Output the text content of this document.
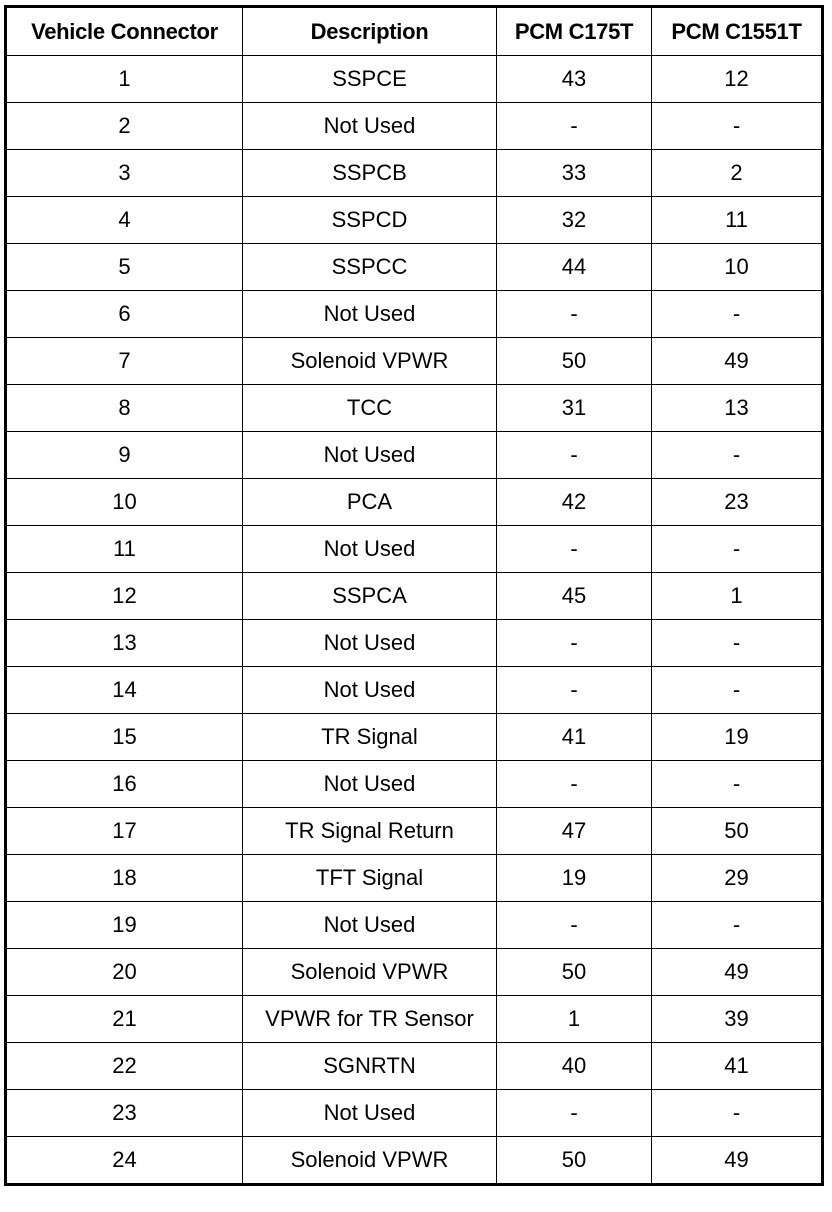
Vehicle Connector	Description	PCM C175T	PCM C1551T
1	SSPCE	43	12
2	Not Used	-	-
3	SSPCB	33	2
4	SSPCD	32	11
5	SSPCC	44	10
6	Not Used	-	-
7	Solenoid VPWR	50	49
8	TCC	31	13
9	Not Used	-	-
10	PCA	42	23
11	Not Used	-	-
12	SSPCA	45	1
13	Not Used	-	-
14	Not Used	-	-
15	TR Signal	41	19
16	Not Used	-	-
17	TR Signal Return	47	50
18	TFT Signal	19	29
19	Not Used	-	-
20	Solenoid VPWR	50	49
21	VPWR for TR Sensor	1	39
22	SGNRTN	40	41
23	Not Used	-	-
24	Solenoid VPWR	50	49
